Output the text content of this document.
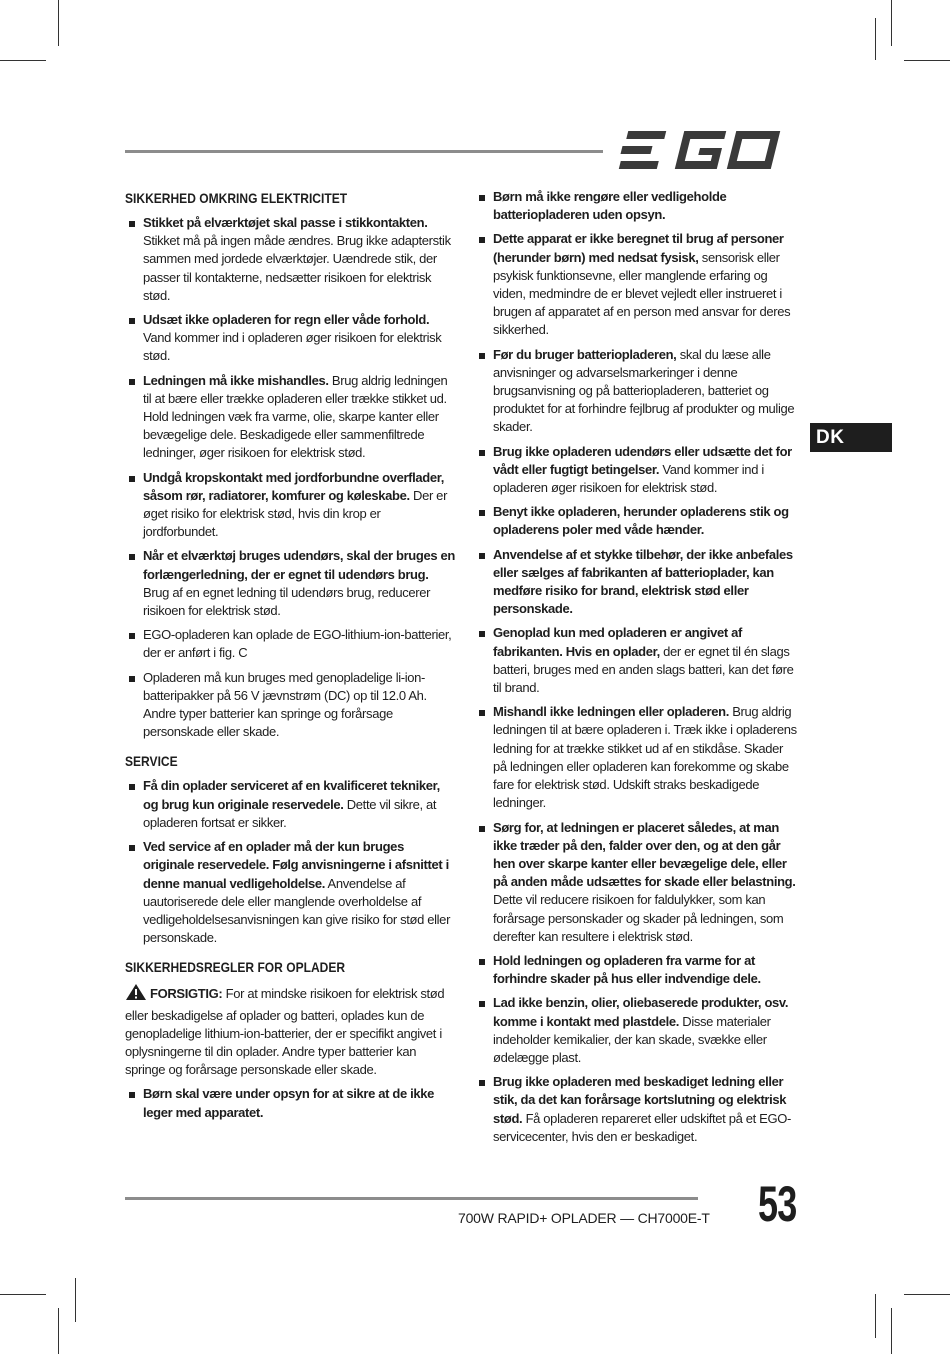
DK
SIKKERHED OMKRING ELEKTRICITET
Stikket på elværktøjet skal passe i stikkontakten. Stikket må på ingen måde ændres. Brug ikke adapterstik sammen med jordede elværktøjer. Uændrede stik, der passer til kontakterne, nedsætter risikoen for elektrisk stød.
Udsæt ikke opladeren for regn eller våde forhold. Vand kommer ind i opladeren øger risikoen for elektrisk stød.
Ledningen må ikke mishandles. Brug aldrig ledningen til at bære eller trække opladeren eller trække stikket ud. Hold ledningen væk fra varme, olie, skarpe kanter eller bevægelige dele. Beskadigede eller sammenfiltrede ledninger, øger risikoen for elektrisk stød.
Undgå kropskontakt med jordforbundne overflader, såsom rør, radiatorer, komfurer og køleskabe. Der er øget risiko for elektrisk stød, hvis din krop er jordforbundet.
Når et elværktøj bruges udendørs, skal der bruges en forlængerledning, der er egnet til udendørs brug. Brug af en egnet ledning til udendørs brug, reducerer risikoen for elektrisk stød.
EGO-opladeren kan oplade de EGO-lithium-ion-batterier, der er anført i fig. C
Opladeren må kun bruges med genopladelige li-ion-batteripakker på 56 V jævnstrøm (DC) op til 12.0 Ah. Andre typer batterier kan springe og forårsage personskade eller skade.
SERVICE
Få din oplader serviceret af en kvalificeret tekniker, og brug kun originale reservedele. Dette vil sikre, at opladeren fortsat er sikker.
Ved service af en oplader må der kun bruges originale reservedele. Følg anvisningerne i afsnittet i denne manual vedligeholdelse. Anvendelse af uautoriserede dele eller manglende overholdelse af vedligeholdelsesanvisningen kan give risiko for stød eller personskade.
SIKKERHEDSREGLER FOR OPLADER

FORSIGTIG: For at mindske risikoen for elektrisk stød eller beskadigelse af oplader og batteri, oplades kun de genopladelige lithium-ion-batterier, der er specifikt angivet i oplysningerne til din oplader. Andre typer batterier kan springe og forårsage personskade eller skade.

Børn skal være under opsyn for at sikre at de ikke leger med apparatet.
Børn må ikke rengøre eller vedligeholde batteriopladeren uden opsyn.
Dette apparat er ikke beregnet til brug af personer (herunder børn) med nedsat fysisk, sensorisk eller psykisk funktionsevne, eller manglende erfaring og viden, medmindre de er blevet vejledt eller instrueret i brugen af apparatet af en person med ansvar for deres sikkerhed.
Før du bruger batteriopladeren, skal du læse alle anvisninger og advarselsmarkeringer i denne brugsanvisning og på batteriopladeren, batteriet og produktet for at forhindre fejlbrug af produkter og mulige skader.
Brug ikke opladeren udendørs eller udsætte det for vådt eller fugtigt betingelser. Vand kommer ind i opladeren øger risikoen for elektrisk stød.
Benyt ikke opladeren, herunder opladerens stik og opladerens poler med våde hænder.
Anvendelse af et stykke tilbehør, der ikke anbefales eller sælges af fabrikanten af batterioplader, kan medføre risiko for brand, elektrisk stød eller personskade.
Genoplad kun med opladeren er angivet af fabrikanten. Hvis en oplader, der er egnet til én slags batteri, bruges med en anden slags batteri, kan det føre til brand.
Mishandl ikke ledningen eller opladeren. Brug aldrig ledningen til at bære opladeren i. Træk ikke i opladerens ledning for at trække stikket ud af en stikdåse. Skader på ledningen eller opladeren kan forekomme og skabe fare for elektrisk stød. Udskift straks beskadigede ledninger.
Sørg for, at ledningen er placeret således, at man ikke træder på den, falder over den, og at den går hen over skarpe kanter eller bevægelige dele, eller på anden måde udsættes for skade eller belastning. Dette vil reducere risikoen for faldulykker, som kan forårsage personskader og skader på ledningen, som derefter kan resultere i elektrisk stød.
Hold ledningen og opladeren fra varme for at forhindre skader på hus eller indvendige dele.
Lad ikke benzin, olier, oliebaserede produkter, osv. komme i kontakt med plastdele. Disse materialer indeholder kemikalier, der kan skade, svække eller ødelægge plast.
Brug ikke opladeren med beskadiget ledning eller stik, da det kan forårsage kortslutning og elektrisk stød. Få opladeren repareret eller udskiftet på et EGO-servicecenter, hvis den er beskadiget.
700W RAPID+ OPLADER — CH7000E-T 53
